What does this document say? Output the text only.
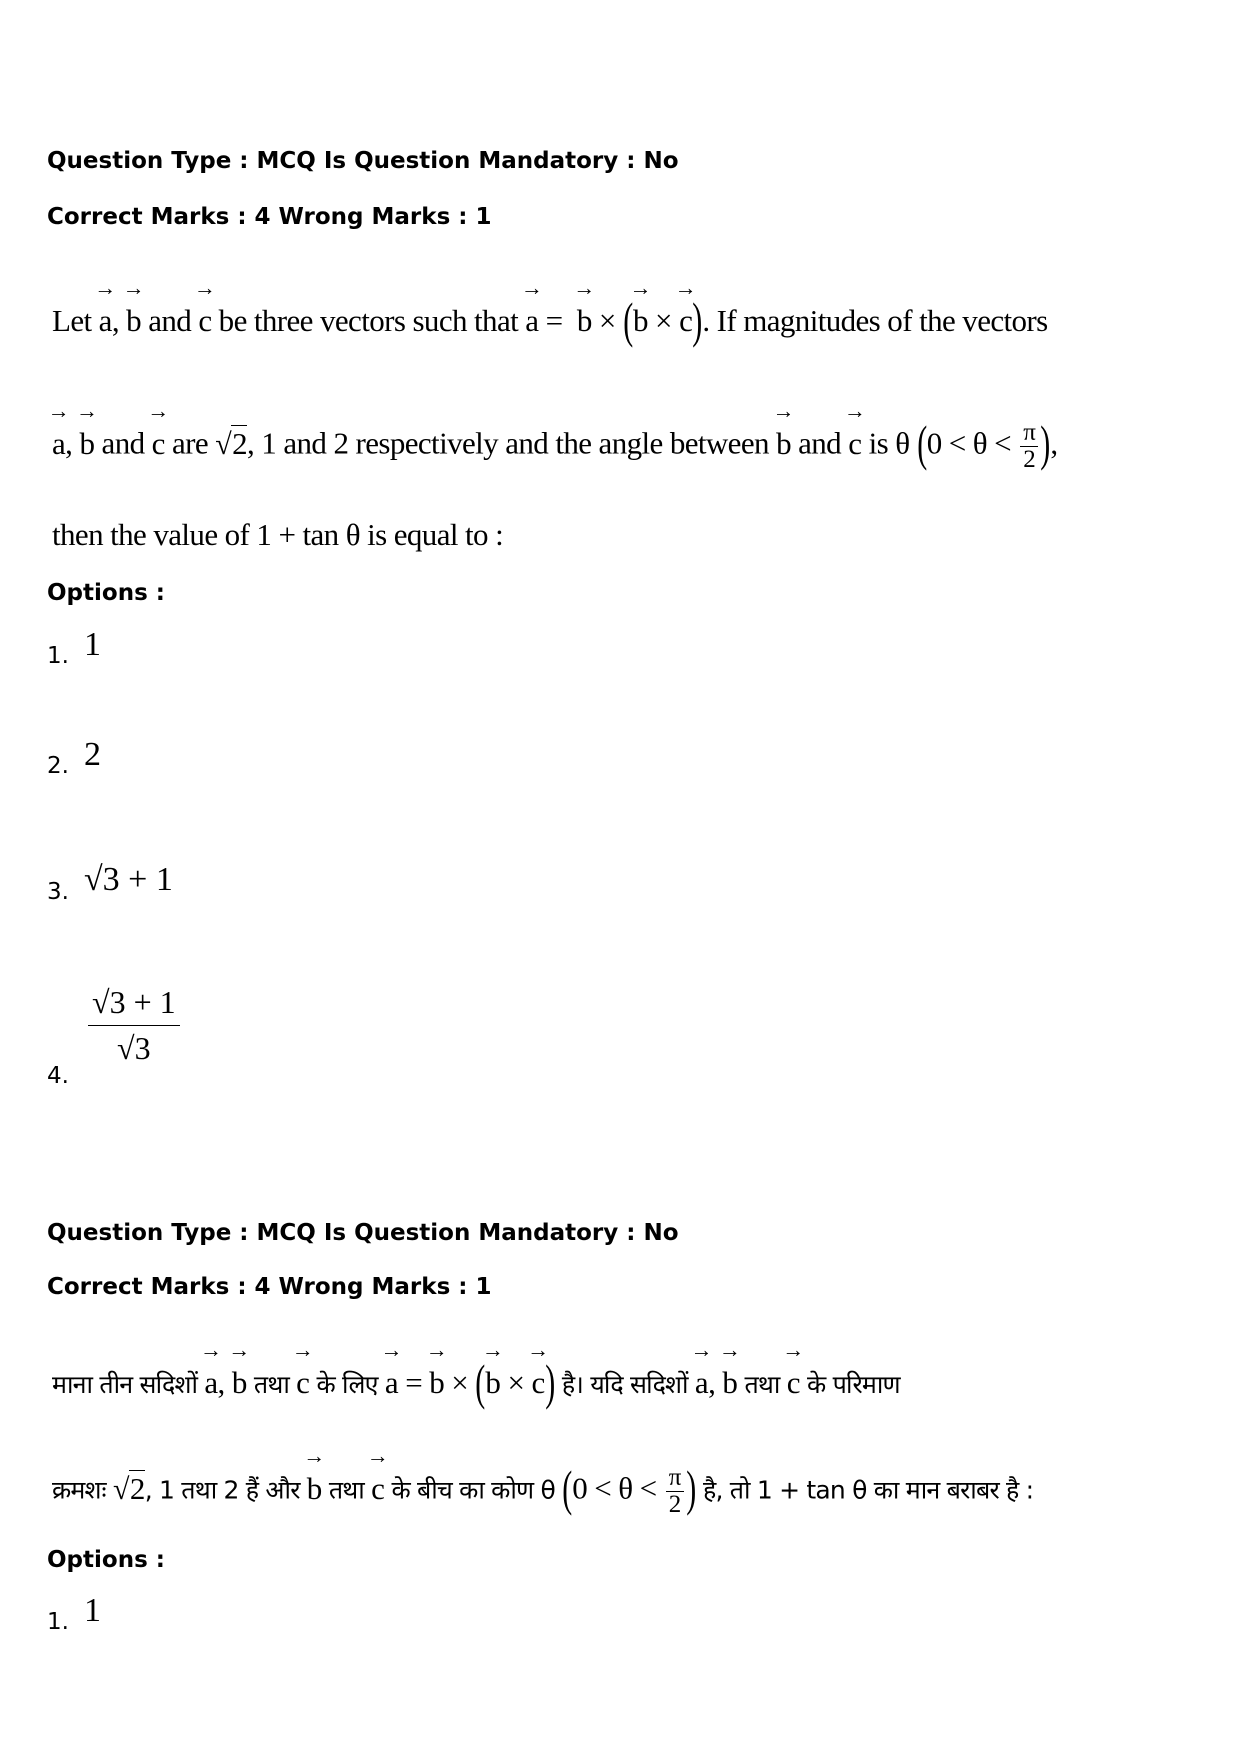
Question Type : MCQ Is Question Mandatory : No
Correct Marks : 4 Wrong Marks : 1
Let → a, → b and → c be three vectors such that → a = → b × (→ b × → c). If magnitudes of the vectors
→ a, → b and → c are √2, 1 and 2 respectively and the angle between → b and → c is θ ($0 < \theta < \frac{\pi}{2}$ ),
then the value of 1 + tan θ is equal to :
Options :
1. 1
2. 2
3. √3 + 1
4.
$\frac{√3 + 1}{√3}$
Question Type : MCQ Is Question Mandatory : No
Correct Marks : 4 Wrong Marks : 1
माना तीन सदिशों → a, → b तथा → c के लिए → a = → b × (→ b × → c) है। यदि सदिशों → a, → b तथा → c के परिमाण
क्रमशः √2, 1 तथा 2 हैं और → b तथा → c के बीच का कोण θ ($0 < \theta < \frac{\pi}{2}$ ) है, तो 1 + tan θ का मान बराबर है :
Options :
1. 1
